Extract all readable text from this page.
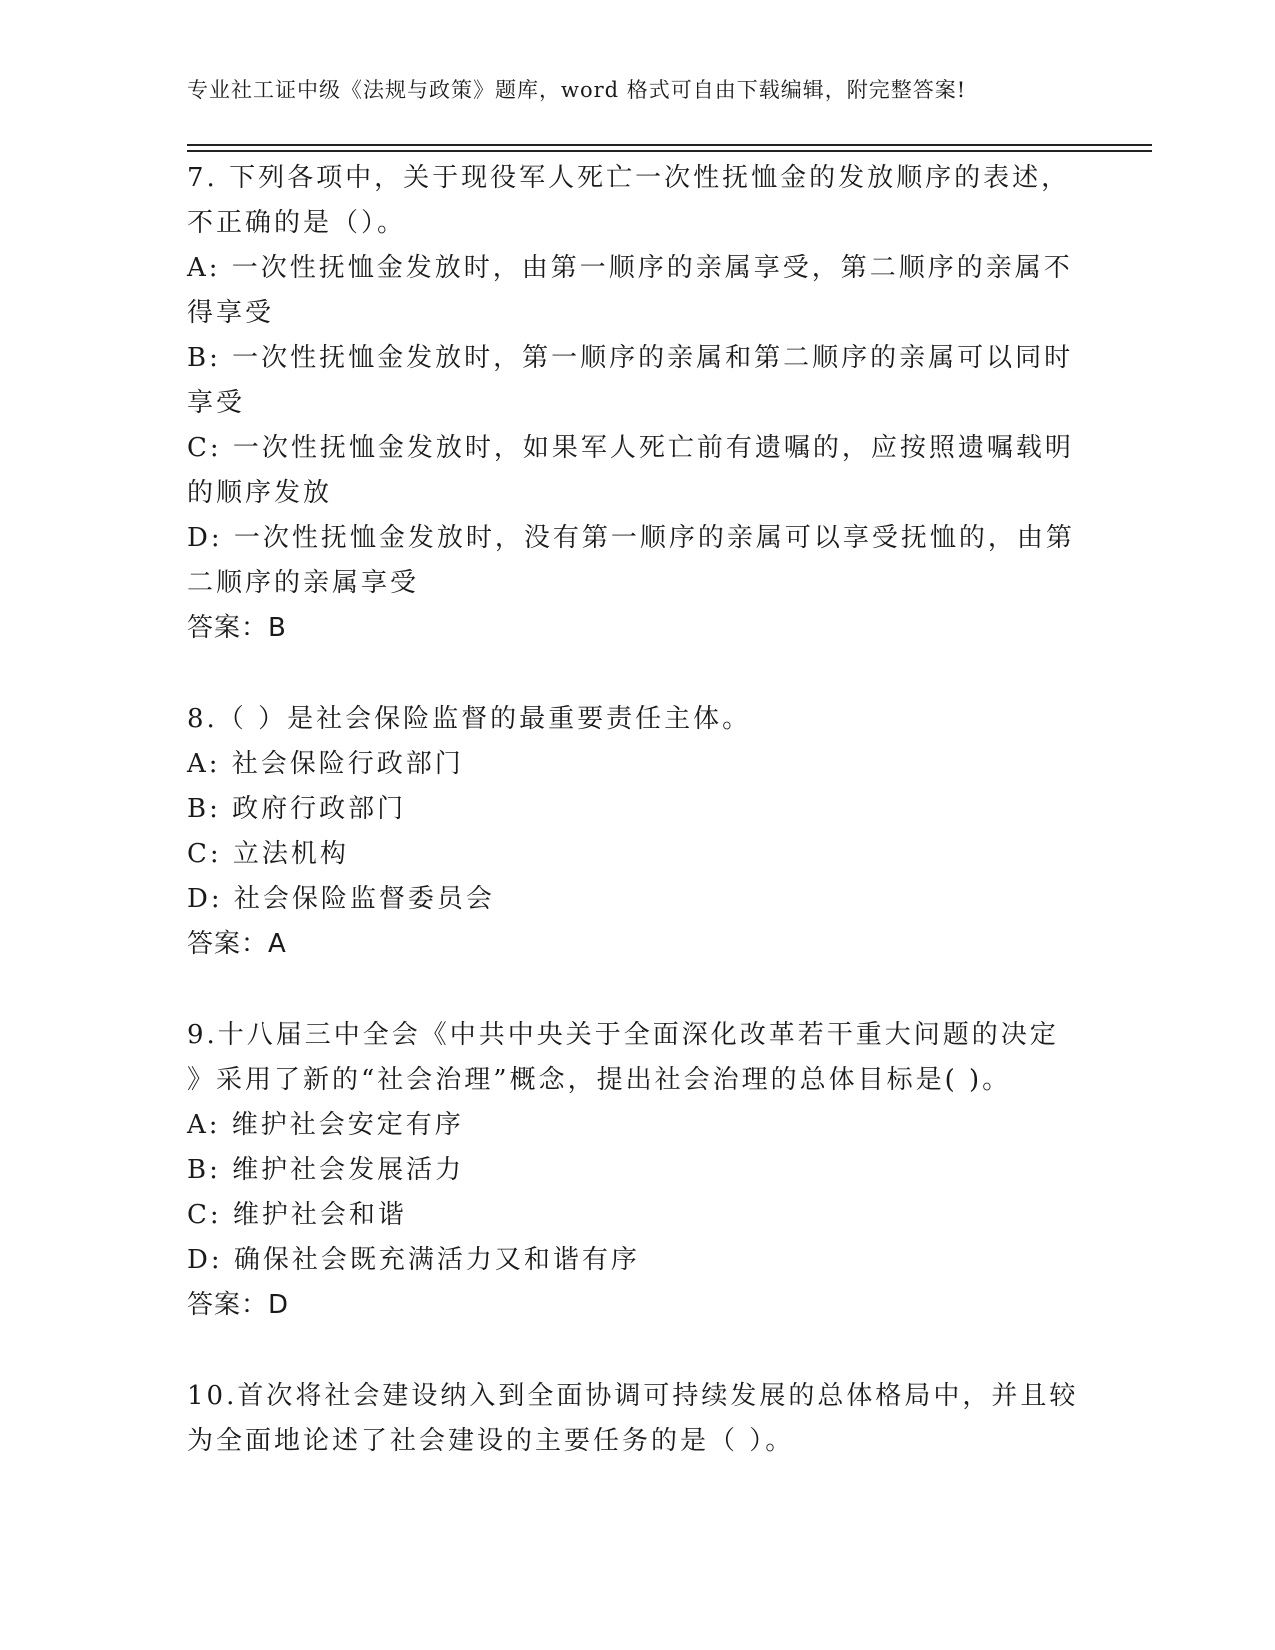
专业社工证中级《法规与政策》题库，word 格式可自由下载编辑，附完整答案!
7. 下列各项中，关于现役军人死亡一次性抚恤金的发放顺序的表述，
不正确的是（）。
A: 一次性抚恤金发放时，由第一顺序的亲属享受，第二顺序的亲属不
得享受
B: 一次性抚恤金发放时，第一顺序的亲属和第二顺序的亲属可以同时
享受
C: 一次性抚恤金发放时，如果军人死亡前有遗嘱的，应按照遗嘱载明
的顺序发放
D: 一次性抚恤金发放时，没有第一顺序的亲属可以享受抚恤的，由第
二顺序的亲属享受
答案：B
8.（ ）是社会保险监督的最重要责任主体。
A: 社会保险行政部门
B: 政府行政部门
C: 立法机构
D: 社会保险监督委员会
答案：A
9.十八届三中全会《中共中央关于全面深化改革若干重大问题的决定
》采用了新的“社会治理”概念，提出社会治理的总体目标是( )。
A: 维护社会安定有序
B: 维护社会发展活力
C: 维护社会和谐
D: 确保社会既充满活力又和谐有序
答案：D
10.首次将社会建设纳入到全面协调可持续发展的总体格局中，并且较
为全面地论述了社会建设的主要任务的是（ ）。
